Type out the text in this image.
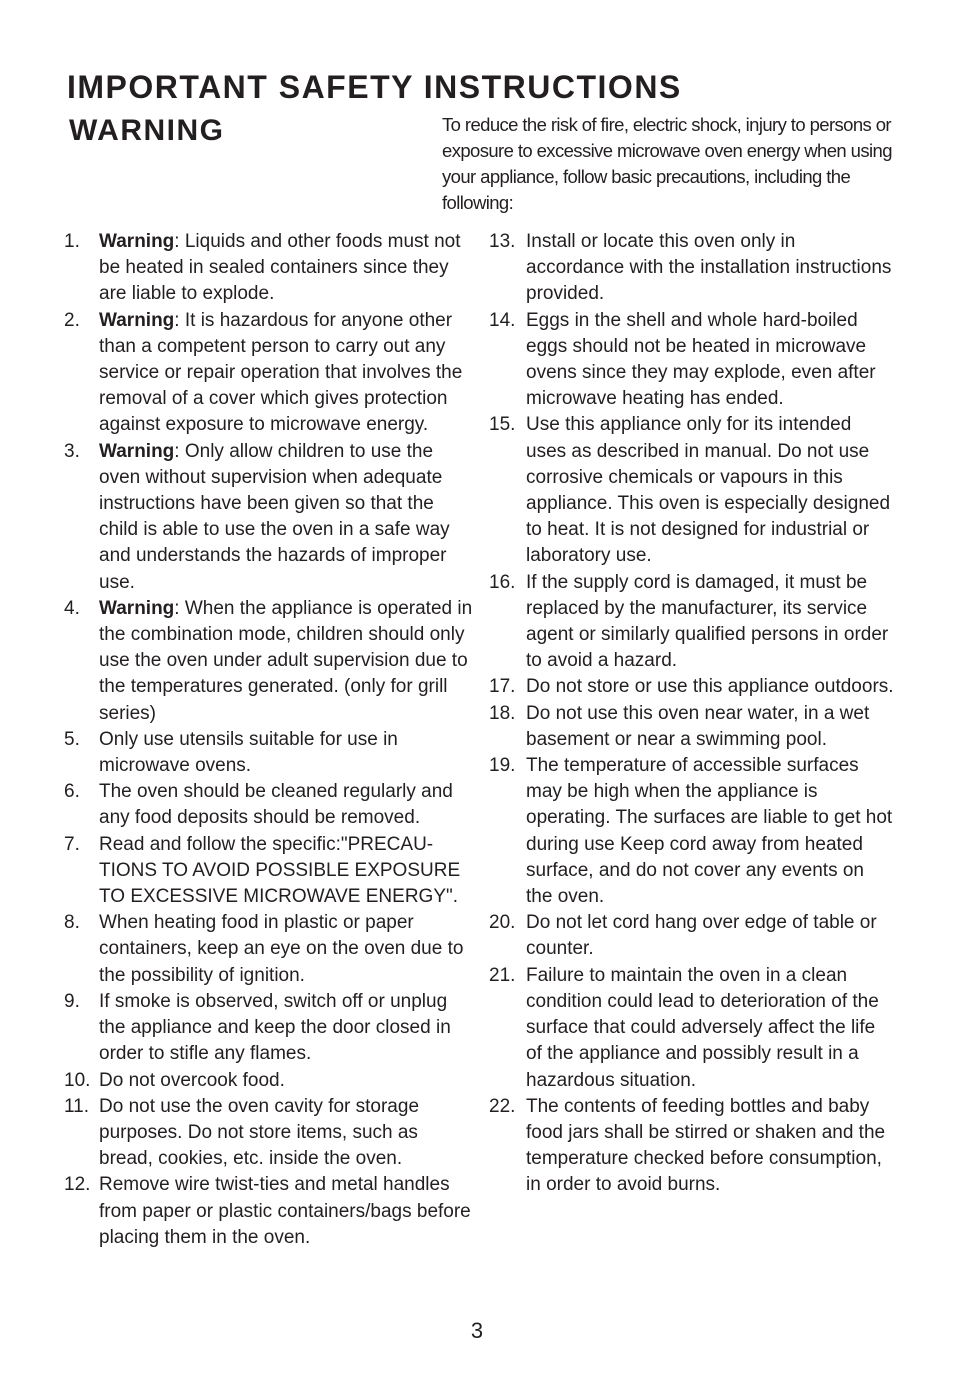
IMPORTANT SAFETY INSTRUCTIONS
WARNING	To reduce the risk of fire, electric shock, injury to persons or exposure to excessive microwave oven energy when using your appliance, follow basic precautions, including the following:

1. Warning: Liquids and other foods must not be heated in sealed containers since they are liable to explode.
2. Warning: It is hazardous for anyone other than a competent person to carry out any service or repair operation that involves the removal of a cover which gives protection against exposure to microwave energy.
3. Warning: Only allow children to use the oven without supervision when adequate instructions have been given so that the child is able to use the oven in a safe way and understands the hazards of improper use.
4. Warning: When the appliance is operated in the combination mode, children should only use the oven under adult supervision due to the temperatures generated. (only for grill series)
5. Only use utensils suitable for use in microwave ovens.
6. The oven should be cleaned regularly and any food deposits should be removed.
7. Read and follow the specific:"PRECAU-TIONS TO AVOID POSSIBLE EXPOSURE TO EXCESSIVE MICROWAVE ENERGY".
8. When heating food in plastic or paper containers, keep an eye on the oven due to the possibility of ignition.
9. If smoke is observed, switch off or unplug the appliance and keep the door closed in order to stifle any flames.
10. Do not overcook food.
11. Do not use the oven cavity for storage purposes. Do not store items, such as bread, cookies, etc. inside the oven.
12. Remove wire twist-ties and metal handles from paper or plastic containers/bags before placing them in the oven.
13. Install or locate this oven only in accordance with the installation instructions provided.
14. Eggs in the shell and whole hard-boiled eggs should not be heated in microwave ovens since they may explode, even after microwave heating has ended.
15. Use this appliance only for its intended uses as described in manual. Do not use corrosive chemicals or vapours in this appliance. This oven is especially designed to heat. It is not designed for industrial or laboratory use.
16. If the supply cord is damaged, it must be replaced by the manufacturer, its service agent or similarly qualified persons in order to avoid a hazard.
17. Do not store or use this appliance outdoors.
18. Do not use this oven near water, in a wet basement or near a swimming pool.
19. The temperature of accessible surfaces may be high when the appliance is operating. The surfaces are liable to get hot during use Keep cord away from heated surface, and do not cover any events on the oven.
20. Do not let cord hang over edge of table or counter.
21. Failure to maintain the oven in a clean condition could lead to deterioration of the surface that could adversely affect the life of the appliance and possibly result in a hazardous situation.
22. The contents of feeding bottles and baby food jars shall be stirred or shaken and the temperature checked before consumption, in order to avoid burns.

3
